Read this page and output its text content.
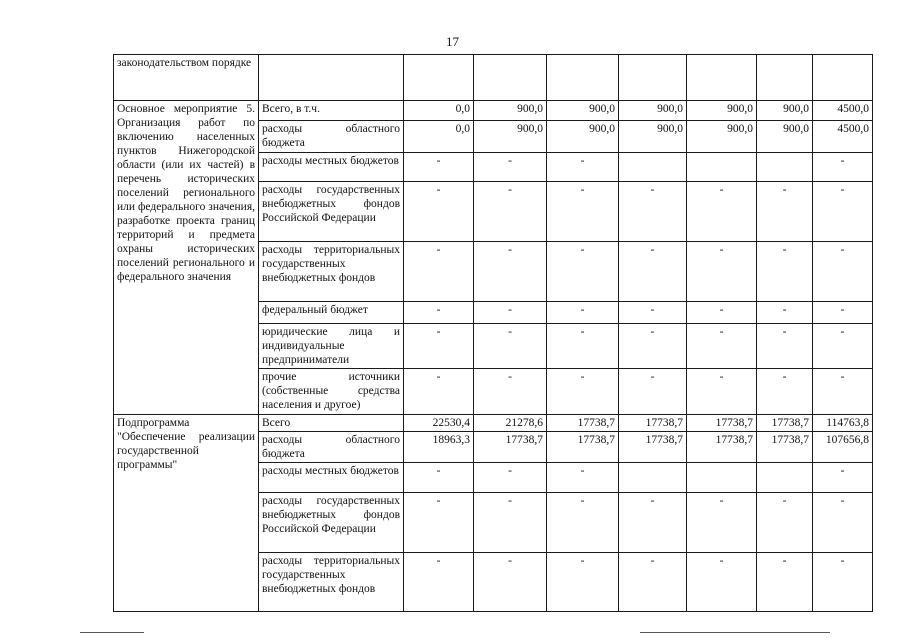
17
законодательством порядке								
Основное мероприятие 5. Организация работ по включению населенных пунктов Нижегородской области (или их частей) в перечень исторических поселений регионального или федерального значения, разработке проекта границ территорий и предмета охраны исторических поселений регионального и федерального значения	Всего, в т.ч.	0,0	900,0	900,0	900,0	900,0	900,0	4500,0
	расходы областного бюджета	0,0	900,0	900,0	900,0	900,0	900,0	4500,0
	расходы местных бюджетов	-	-	-				-
	расходы государственных внебюджетных фондов Российской Федерации	-	-	-	-	-	-	-
	расходы территориальных государственных внебюджетных фондов	-	-	-	-	-	-	-
	федеральный бюджет	-	-	-	-	-	-	-
	юридические лица и индивидуальные предприниматели	-	-	-	-	-	-	-
	прочие источники (собственные средства населения и другое)	-	-	-	-	-	-	-
Подпрограмма "Обеспечение реализации государственной программы"	Всего	22530,4	21278,6	17738,7	17738,7	17738,7	17738,7	114763,8
	расходы областного бюджета	18963,3	17738,7	17738,7	17738,7	17738,7	17738,7	107656,8
	расходы местных бюджетов	-	-	-				-
	расходы государственных внебюджетных фондов Российской Федерации	-	-	-	-	-	-	-
	расходы территориальных государственных внебюджетных фондов	-	-	-	-	-	-	-
